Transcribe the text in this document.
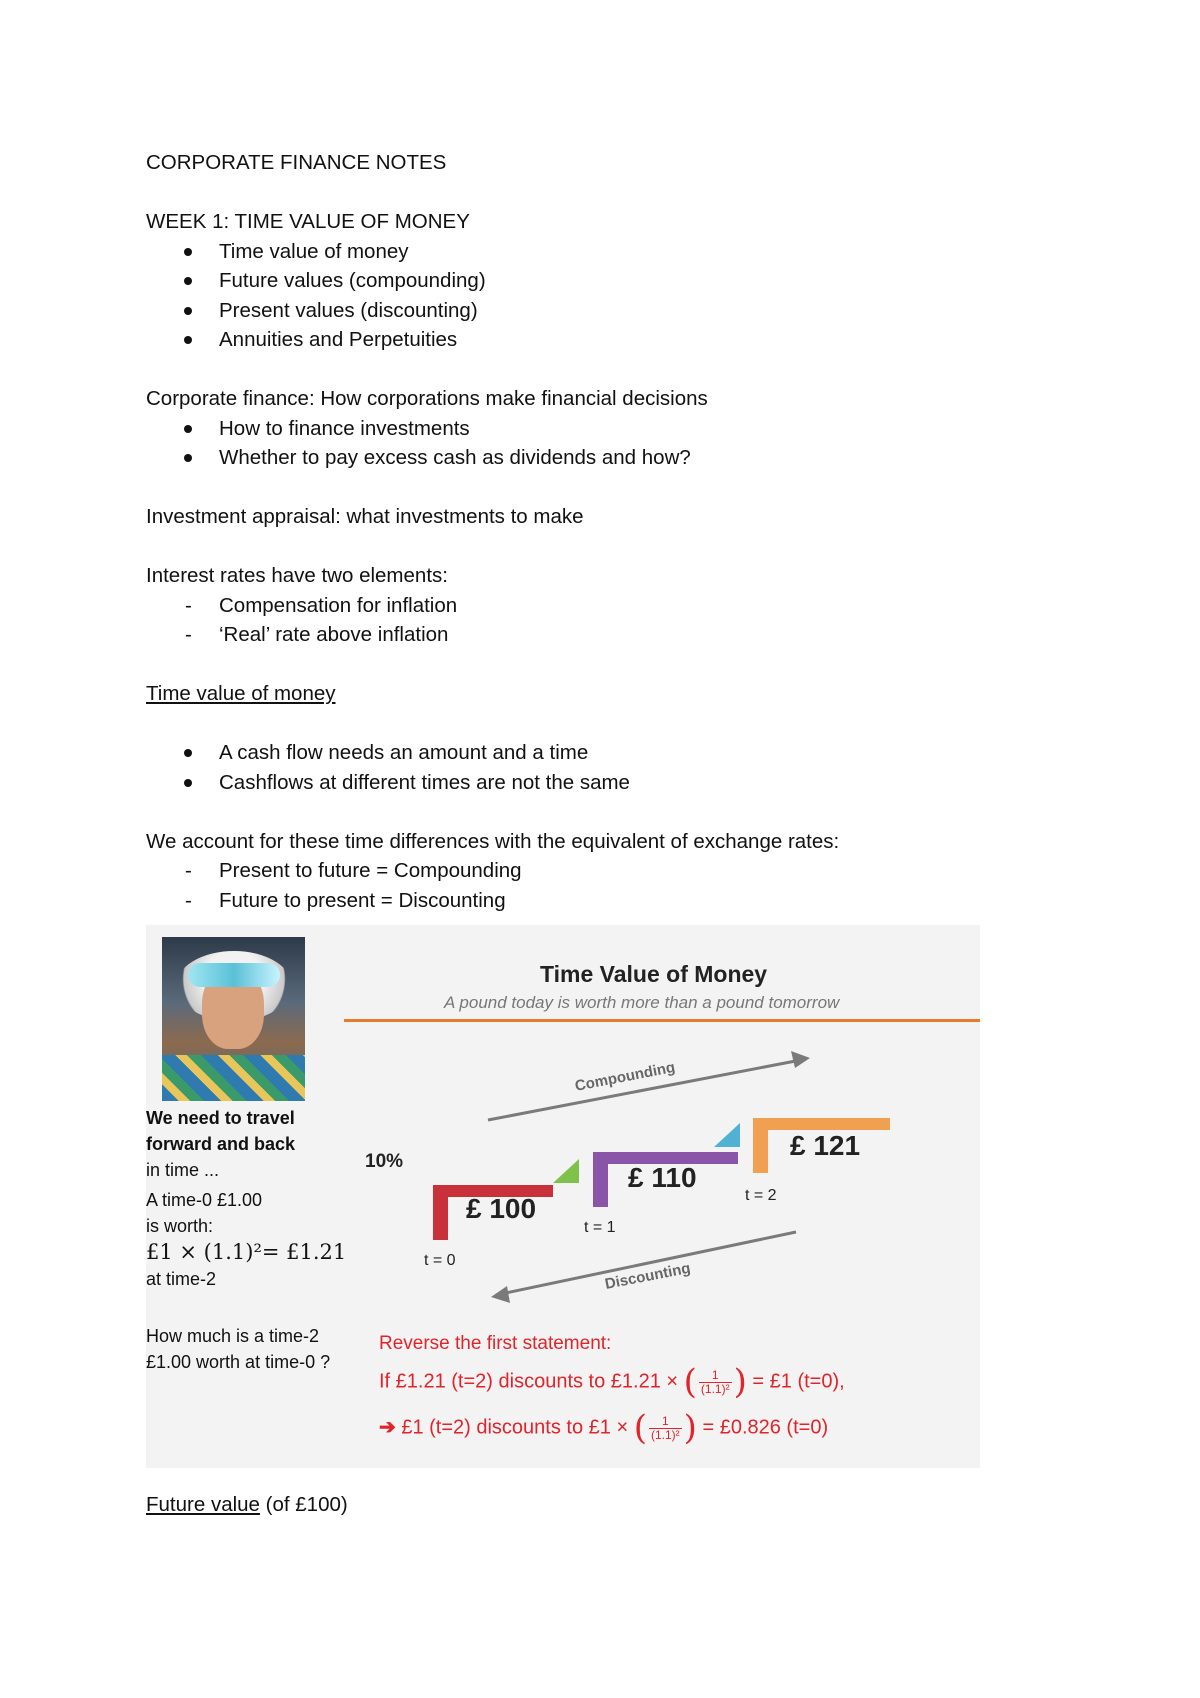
CORPORATE FINANCE NOTES

WEEK 1: TIME VALUE OF MONEY

Time value of money
Future values (compounding)
Present values (discounting)
Annuities and Perpetuities

Corporate finance: How corporations make financial decisions

How to finance investments
Whether to pay excess cash as dividends and how?

Investment appraisal: what investments to make

Interest rates have two elements:

- Compensation for inflation
- ‘Real’ rate above inflation

Time value of money

A cash flow needs an amount and a time
Cashflows at different times are not the same

We account for these time differences with the equivalent of exchange rates:

- Present to future = Compounding
- Future to present = Discounting
We need to travel
forward and back
in time ...
A time-0 £1.00
is worth:
£1 × (1.1)²= £1.21
at time-2
How much is a time-2
£1.00 worth at time-0 ?
Time Value of Money
A pound today is worth more than a pound tomorrow
Compounding
Discounting
10%
£ 100
£ 110
£ 121
t = 0
t = 1
t = 2
Reverse the first statement:
If £1.21 (t=2) discounts to £1.21 × ( $\frac{1}{\text{(1.1)²}}$ ) = £1 (t=0),
➔ £1 (t=2) discounts to £1 × ( $\frac{1}{\text{(1.1)²}}$ ) = £0.826 (t=0)
Future value (of £100)
